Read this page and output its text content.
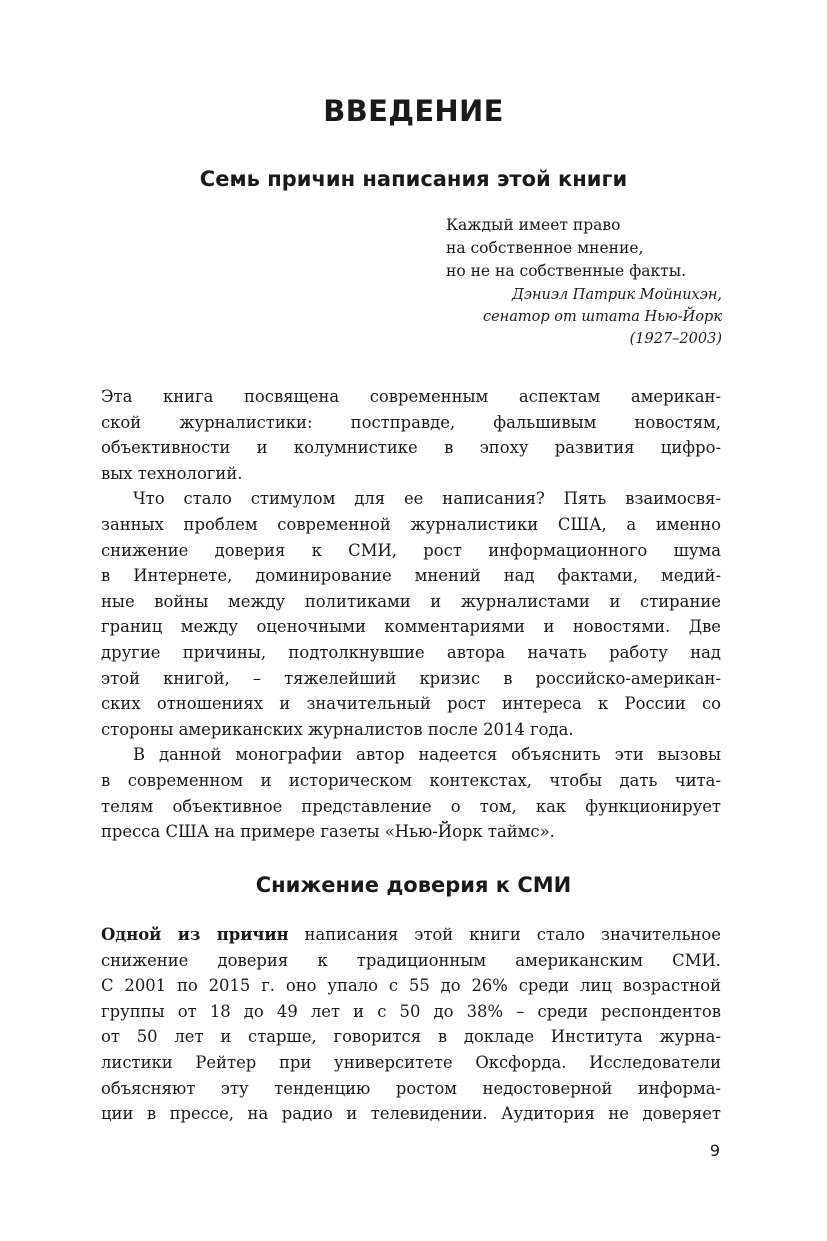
ВВЕДЕНИЕ
Семь причин написания этой книги
Каждый имеет право
на собственное мнение,
но не на собственные факты.
Дэниэл Патрик Мойнихэн,
сенатор от штата Нью-Йорк
(1927–2003)
Эта книга посвящена современным аспектам американ-
ской журналистики: постправде, фальшивым новостям,
объективности и колумнистике в эпоху развития цифро-
вых технологий.
Что стало стимулом для ее написания? Пять взаимосвя-
занных проблем современной журналистики США, а именно
снижение доверия к СМИ, рост информационного шума
в Интернете, доминирование мнений над фактами, медий-
ные войны между политиками и журналистами и стирание
границ между оценочными комментариями и новостями. Две
другие причины, подтолкнувшие автора начать работу над
этой книгой, – тяжелейший кризис в российско-американ-
ских отношениях и значительный рост интереса к России со
стороны американских журналистов после 2014 года.
В данной монографии автор надеется объяснить эти вызовы
в современном и историческом контекстах, чтобы дать чита-
телям объективное представление о том, как функционирует
пресса США на примере газеты «Нью-Йорк таймс».
Снижение доверия к СМИ
Одной из причин написания этой книги стало значительное
снижение доверия к традиционным американским СМИ.
С 2001 по 2015 г. оно упало с 55 до 26% среди лиц возрастной
группы от 18 до 49 лет и с 50 до 38% – среди респондентов
от 50 лет и старше, говорится в докладе Института журна-
листики Рейтер при университете Оксфорда. Исследователи
объясняют эту тенденцию ростом недостоверной информа-
ции в прессе, на радио и телевидении. Аудитория не доверяет
9
